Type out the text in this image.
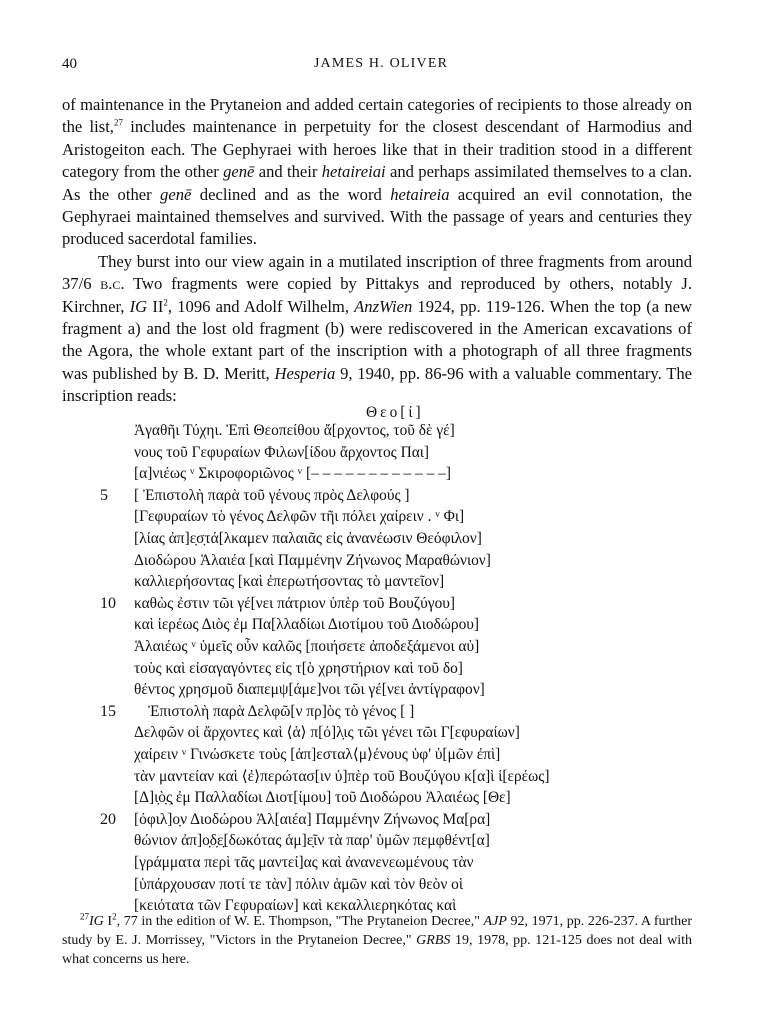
40	JAMES H. OLIVER

of maintenance in the Prytaneion and added certain categories of recipients to those already on the list,$^{27}$ includes maintenance in perpetuity for the closest descendant of Harmodius and Aristogeiton each. The Gephyraei with heroes like that in their tradition stood in a different category from the other genē and their hetaireiai and perhaps assimilated themselves to a clan. As the other genē declined and as the word hetaireia acquired an evil connotation, the Gephyraei maintained themselves and survived. With the passage of years and centuries they produced sacerdotal families.

They burst into our view again in a mutilated inscription of three fragments from around 37/6 b.c. Two fragments were copied by Pittakys and reproduced by others, notably J. Kirchner, IG $II^2$, 1096 and Adolf Wilhelm, AnzWien 1924, pp. 119-126. When the top (a new fragment a) and the lost old fragment (b) were rediscovered in the American excavations of the Agora, the whole extant part of the inscription with a photograph of all three fragments was published by B. D. Meritt, Hesperia 9, 1940, pp. 86-96 with a valuable commentary. The inscription reads:

Θεο[ί]
Ἀγαθῆι Τύχηι. Ἐπὶ Θεοπείθου ἄ[ρχοντος, τοῦ δὲ γέ]
νους τοῦ Γεφυραίων Φιλων[ίδου ἄρχοντος Παι]
[α]νιέως ᵛ Σκιροφοριῶνος ᵛ [– – – – – – – – – – – –]
5	[ Ἐπιστολὴ παρὰ τοῦ γένους πρὸς Δελφούς ]
[Γεφυραίων τὸ γένος Δελφῶν τῆι πόλει χαίρειν . ᵛ Φι]
[λίας ἀπ]ε̣σ̣τά[λκαμεν παλαιᾶς εἰς ἀνανέωσιν Θεόφιλον]
Διοδώρου Ἁλαιέα [καὶ Παμμένην Ζήνωνος Μαραθώνιον]
καλλιερήσοντας [καὶ ἐπερωτήσοντας τὸ μαντεῖον]
10	καθὼς ἐστιν τῶι γέ[νει πάτριον ὑπὲρ τοῦ Βουζύγου]
καὶ ἱερέως Διὸς ἐμ Πα[λλαδίωι Διοτίμου τοῦ Διοδώρου]
Ἁλαιέως ᵛ ὑμεῖς οὖν καλῶς [ποιήσετε ἀποδεξάμενοι αὐ]
τοὺς καὶ εἰσαγαγόντες εἰς τ[ὸ χρηστήριον καὶ τοῦ δο]
θέντος χρησμοῦ διαπεμψ[άμε]νοι τῶι γέ[νει ἀντίγραφον]
15	Ἐπιστολὴ παρὰ Δελφῶ[ν πρ]ὸς τὸ γένος [ ]
Δελφῶν οἱ ἄρχοντες καὶ ⟨ἁ⟩ π[ό]λ̣ις τῶι γένει τῶι Γ[εφυραίων]
χαίρειν ᵛ Γινώσκετε τοὺς [ἀπ]εσταλ⟨μ⟩ένους ὑφ' ὑ[μῶν ἐπὶ]
τὰν μαντείαν καὶ ⟨ἐ⟩περώτασ[ιν ὑ]πὲρ τοῦ Βουζύγου κ[α]ὶ ἱ[ερέως]
[Δ]ι̣ὸ̣ς̣ ἐμ Παλλαδίωι Διοτ[ίμου] τοῦ Διοδώρου Ἁλαιέως [Θε]
20	[όφιλ]ο̣ν Διοδώρου Ἁλ[αιέα] Παμμένην Ζήνωνος Μα[ρα]
θώνιον ἀπ]ο̣δ̣ε̣[δωκότας ἁμ]ε̣ῖν τὰ παρ' ὑμῶν πεμφθέντ[α]
[γράμματα περὶ τᾶς μαντεί]ας καὶ ἀνανενεωμένους τὰν
[ὑπάρχουσαν ποτί τε τὰν] πόλιν ἁμῶν καὶ τὸν θεὸν οἱ
[κειότατα τῶν Γεφυραίων] καὶ κεκαλλιερηκότας καὶ
$^{27}$IG $I^2$, 77 in the edition of W. E. Thompson, "The Prytaneion Decree," AJP 92, 1971, pp. 226-237. A further study by E. J. Morrissey, "Victors in the Prytaneion Decree," GRBS 19, 1978, pp. 121-125 does not deal with what concerns us here.
